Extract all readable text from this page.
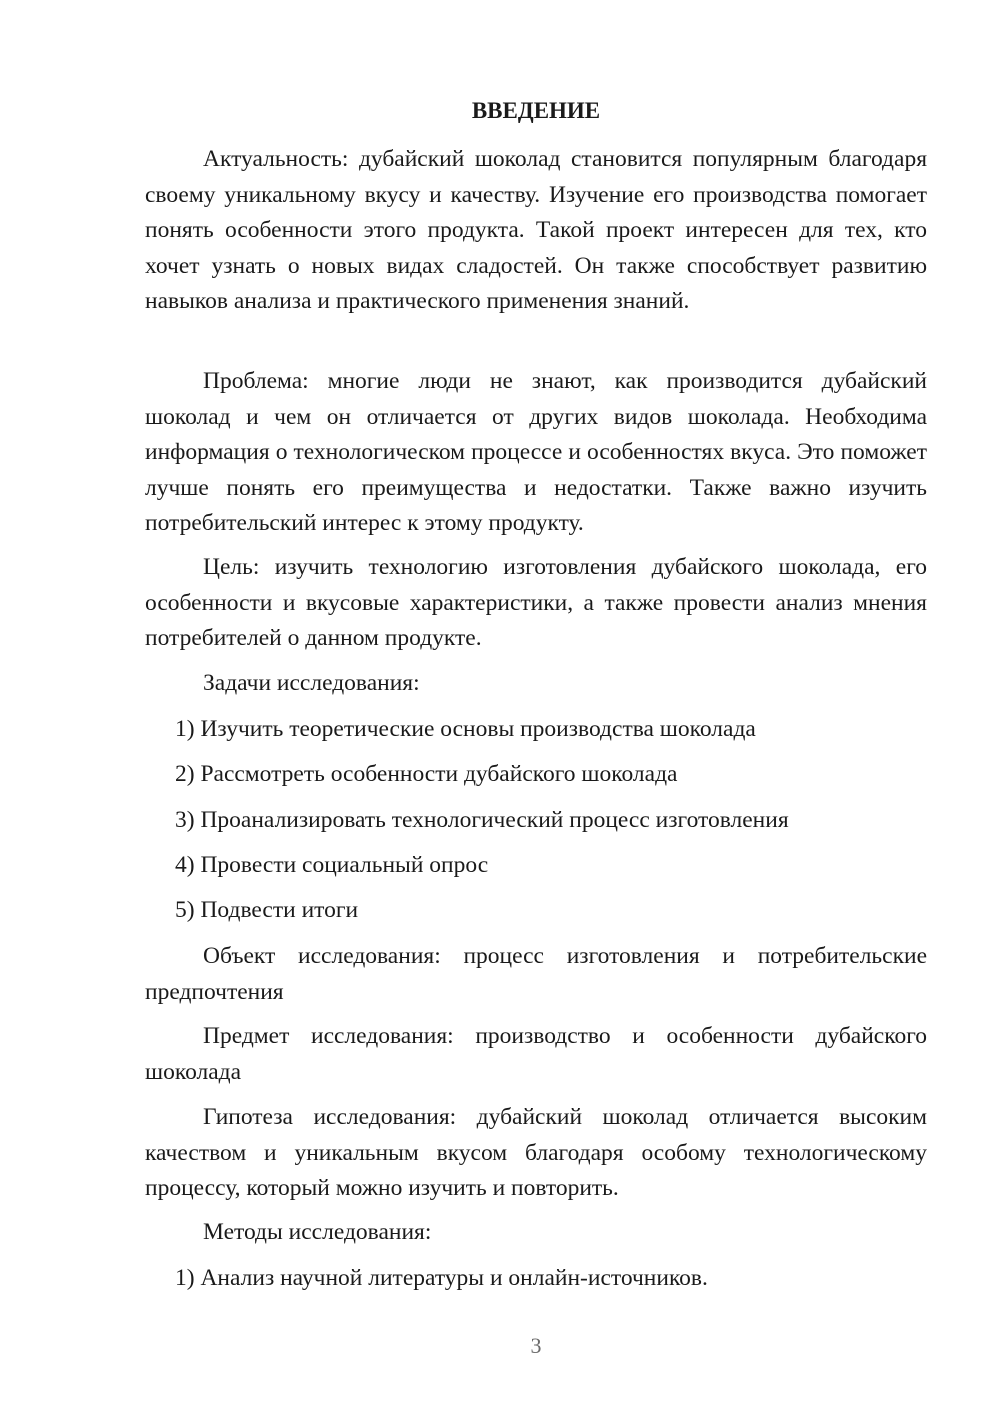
ВВЕДЕНИЕ

Актуальность: дубайский шоколад становится популярным благодаря своему уникальному вкусу и качеству. Изучение его производства помогает понять особенности этого продукта. Такой проект интересен для тех, кто хочет узнать о новых видах сладостей. Он также способствует развитию навыков анализа и практического применения знаний.

Проблема: многие люди не знают, как производится дубайский шоколад и чем он отличается от других видов шоколада. Необходима информация о технологическом процессе и особенностях вкуса. Это поможет лучше понять его преимущества и недостатки. Также важно изучить потребительский интерес к этому продукту.

Цель: изучить технологию изготовления дубайского шоколада, его особенности и вкусовые характеристики, а также провести анализ мнения потребителей о данном продукте.

Задачи исследования:

1) Изучить теоретические основы производства шоколада

2) Рассмотреть особенности дубайского шоколада

3) Проанализировать технологический процесс изготовления

4) Провести социальный опрос

5) Подвести итоги

Объект исследования: процесс изготовления и потребительские предпочтения

Предмет исследования: производство и особенности дубайского шоколада

Гипотеза исследования: дубайский шоколад отличается высоким качеством и уникальным вкусом благодаря особому технологическому процессу, который можно изучить и повторить.

Методы исследования:

1) Анализ научной литературы и онлайн-источников.

3
